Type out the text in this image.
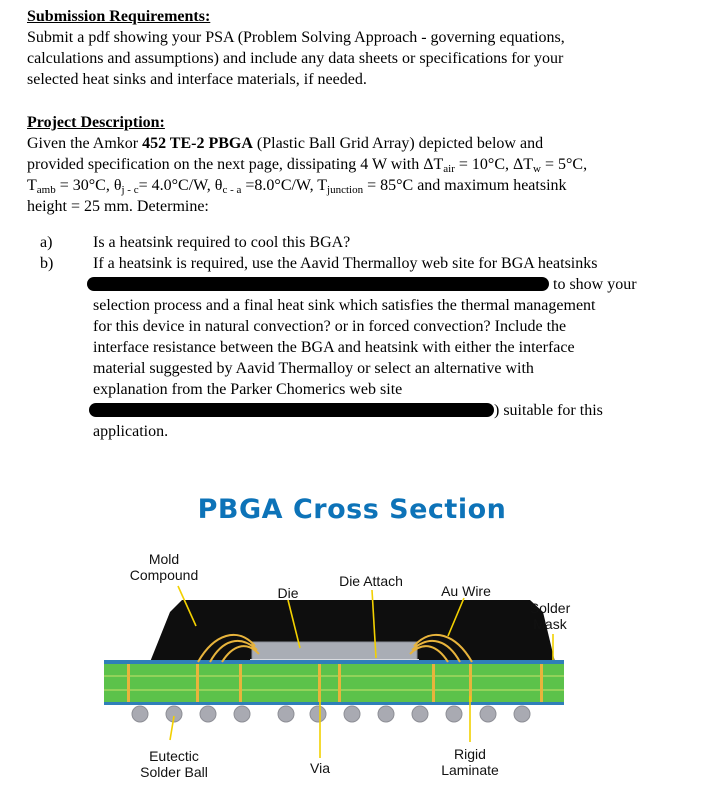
Submission Requirements:
Submit a pdf showing your PSA (Problem Solving Approach - governing equations,
calculations and assumptions) and include any data sheets or specifications for your
selected heat sinks and interface materials, if needed.
Project Description:
Given the Amkor 452 TE-2 PBGA (Plastic Ball Grid Array) depicted below and
provided specification on the next page, dissipating 4 W with $\Delta T_{air} = 10^\circ C$, $\Delta T_w = 5^\circ C$,
$T_{amb} = 30^\circ C$, $\theta_{j - c}= 4.0^\circ C/W$, $\theta_{c - a} =8.0^\circ C/W$, $T_{junction} = 85^\circ C$ and maximum heatsink
height = 25 mm. Determine:
a)	Is a heatsink required to cool this BGA?
b) If a heatsink is required, use the Aavid Thermalloy web site for BGA heatsinks
to show your
selection process and a final heat sink which satisfies the thermal management
for this device in natural convection? or in forced convection? Include the
interface resistance between the BGA and heatsink with either the interface
material suggested by Aavid Thermalloy or select an alternative with
explanation from the Parker Chomerics web site
) suitable for this
application.
PBGA Cross Section
Mold
Compound
Die
Die Attach
Au Wire
Solder
Mask
Eutectic
Solder Ball	Via
Rigid
Laminate
